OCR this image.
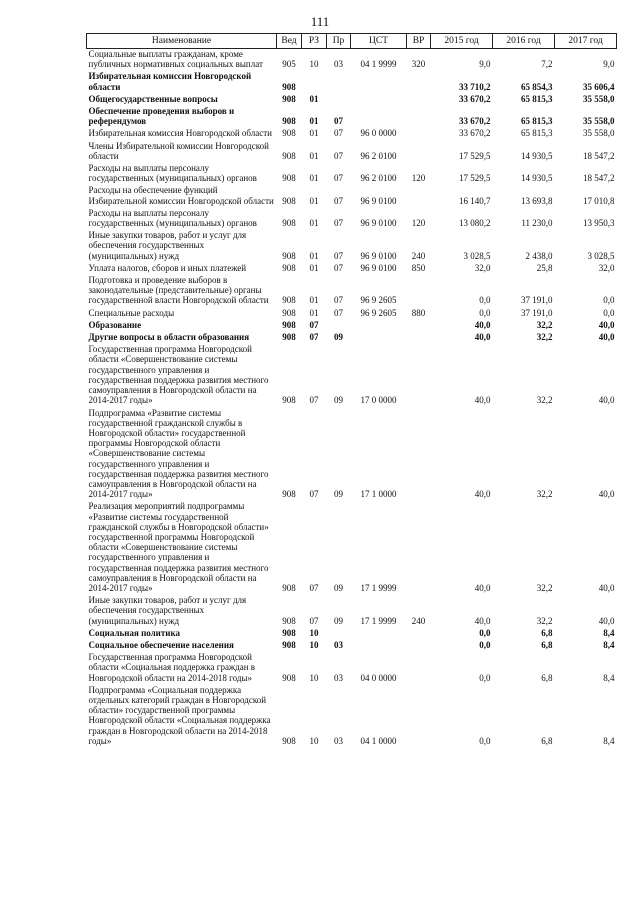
111
Наименование	Вед	РЗ	Пр	ЦСТ	ВР	2015 год	2016 год	2017 год
Социальные выплаты гражданам, кроме публичных нормативных социальных выплат	905	10	03	04 1 9999	320	9,0	7,2	9,0
Избирательная комиссия Новгородской области	908					33 710,2	65 854,3	35 606,4
Общегосударственные вопросы	908	01				33 670,2	65 815,3	35 558,0
Обеспечение проведения выборов и референдумов	908	01	07			33 670,2	65 815,3	35 558,0
Избирательная комиссия Новгородской области	908	01	07	96 0 0000		33 670,2	65 815,3	35 558,0
Члены Избирательной комиссии Новгородской области	908	01	07	96 2 0100		17 529,5	14 930,5	18 547,2
Расходы на выплаты персоналу государственных (муниципальных) органов	908	01	07	96 2 0100	120	17 529,5	14 930,5	18 547,2
Расходы на обеспечение функций Избирательной комиссии Новгородской области	908	01	07	96 9 0100		16 140,7	13 693,8	17 010,8
Расходы на выплаты персоналу государственных (муниципальных) органов	908	01	07	96 9 0100	120	13 080,2	11 230,0	13 950,3
Иные закупки товаров, работ и услуг для обеспечения государственных (муниципальных) нужд	908	01	07	96 9 0100	240	3 028,5	2 438,0	3 028,5
Уплата налогов, сборов и иных платежей	908	01	07	96 9 0100	850	32,0	25,8	32,0
Подготовка и проведение выборов в законодательные (представительные) органы государственной власти Новгородской области	908	01	07	96 9 2605		0,0	37 191,0	0,0
Специальные расходы	908	01	07	96 9 2605	880	0,0	37 191,0	0,0
Образование	908	07				40,0	32,2	40,0
Другие вопросы в области образования	908	07	09			40,0	32,2	40,0
Государственная программа Новгородской области «Совершенствование системы государственного управления и государственная поддержка развития местного самоуправления в Новгородской области на 2014-2017 годы»	908	07	09	17 0 0000		40,0	32,2	40,0
Подпрограмма «Развитие системы государственной гражданской службы в Новгородской области» государственной программы Новгородской области «Совершенствование системы государственного управления и государственная поддержка развития местного самоуправления в Новгородской области на 2014-2017 годы»	908	07	09	17 1 0000		40,0	32,2	40,0
Реализация мероприятий подпрограммы «Развитие системы государственной гражданской службы в Новгородской области» государственной программы Новгородской области «Совершенствование системы государственного управления и государственная поддержка развития местного самоуправления в Новгородской области на 2014-2017 годы»	908	07	09	17 1 9999		40,0	32,2	40,0
Иные закупки товаров, работ и услуг для обеспечения государственных (муниципальных) нужд	908	07	09	17 1 9999	240	40,0	32,2	40,0
Социальная политика	908	10				0,0	6,8	8,4
Социальное обеспечение населения	908	10	03			0,0	6,8	8,4
Государственная программа Новгородской области «Социальная поддержка граждан в Новгородской области на 2014-2018 годы»	908	10	03	04 0 0000		0,0	6,8	8,4
Подпрограмма «Социальная поддержка отдельных категорий граждан в Новгородской области» государственной программы Новгородской области «Социальная поддержка граждан в Новгородской области на 2014-2018 годы»	908	10	03	04 1 0000		0,0	6,8	8,4
